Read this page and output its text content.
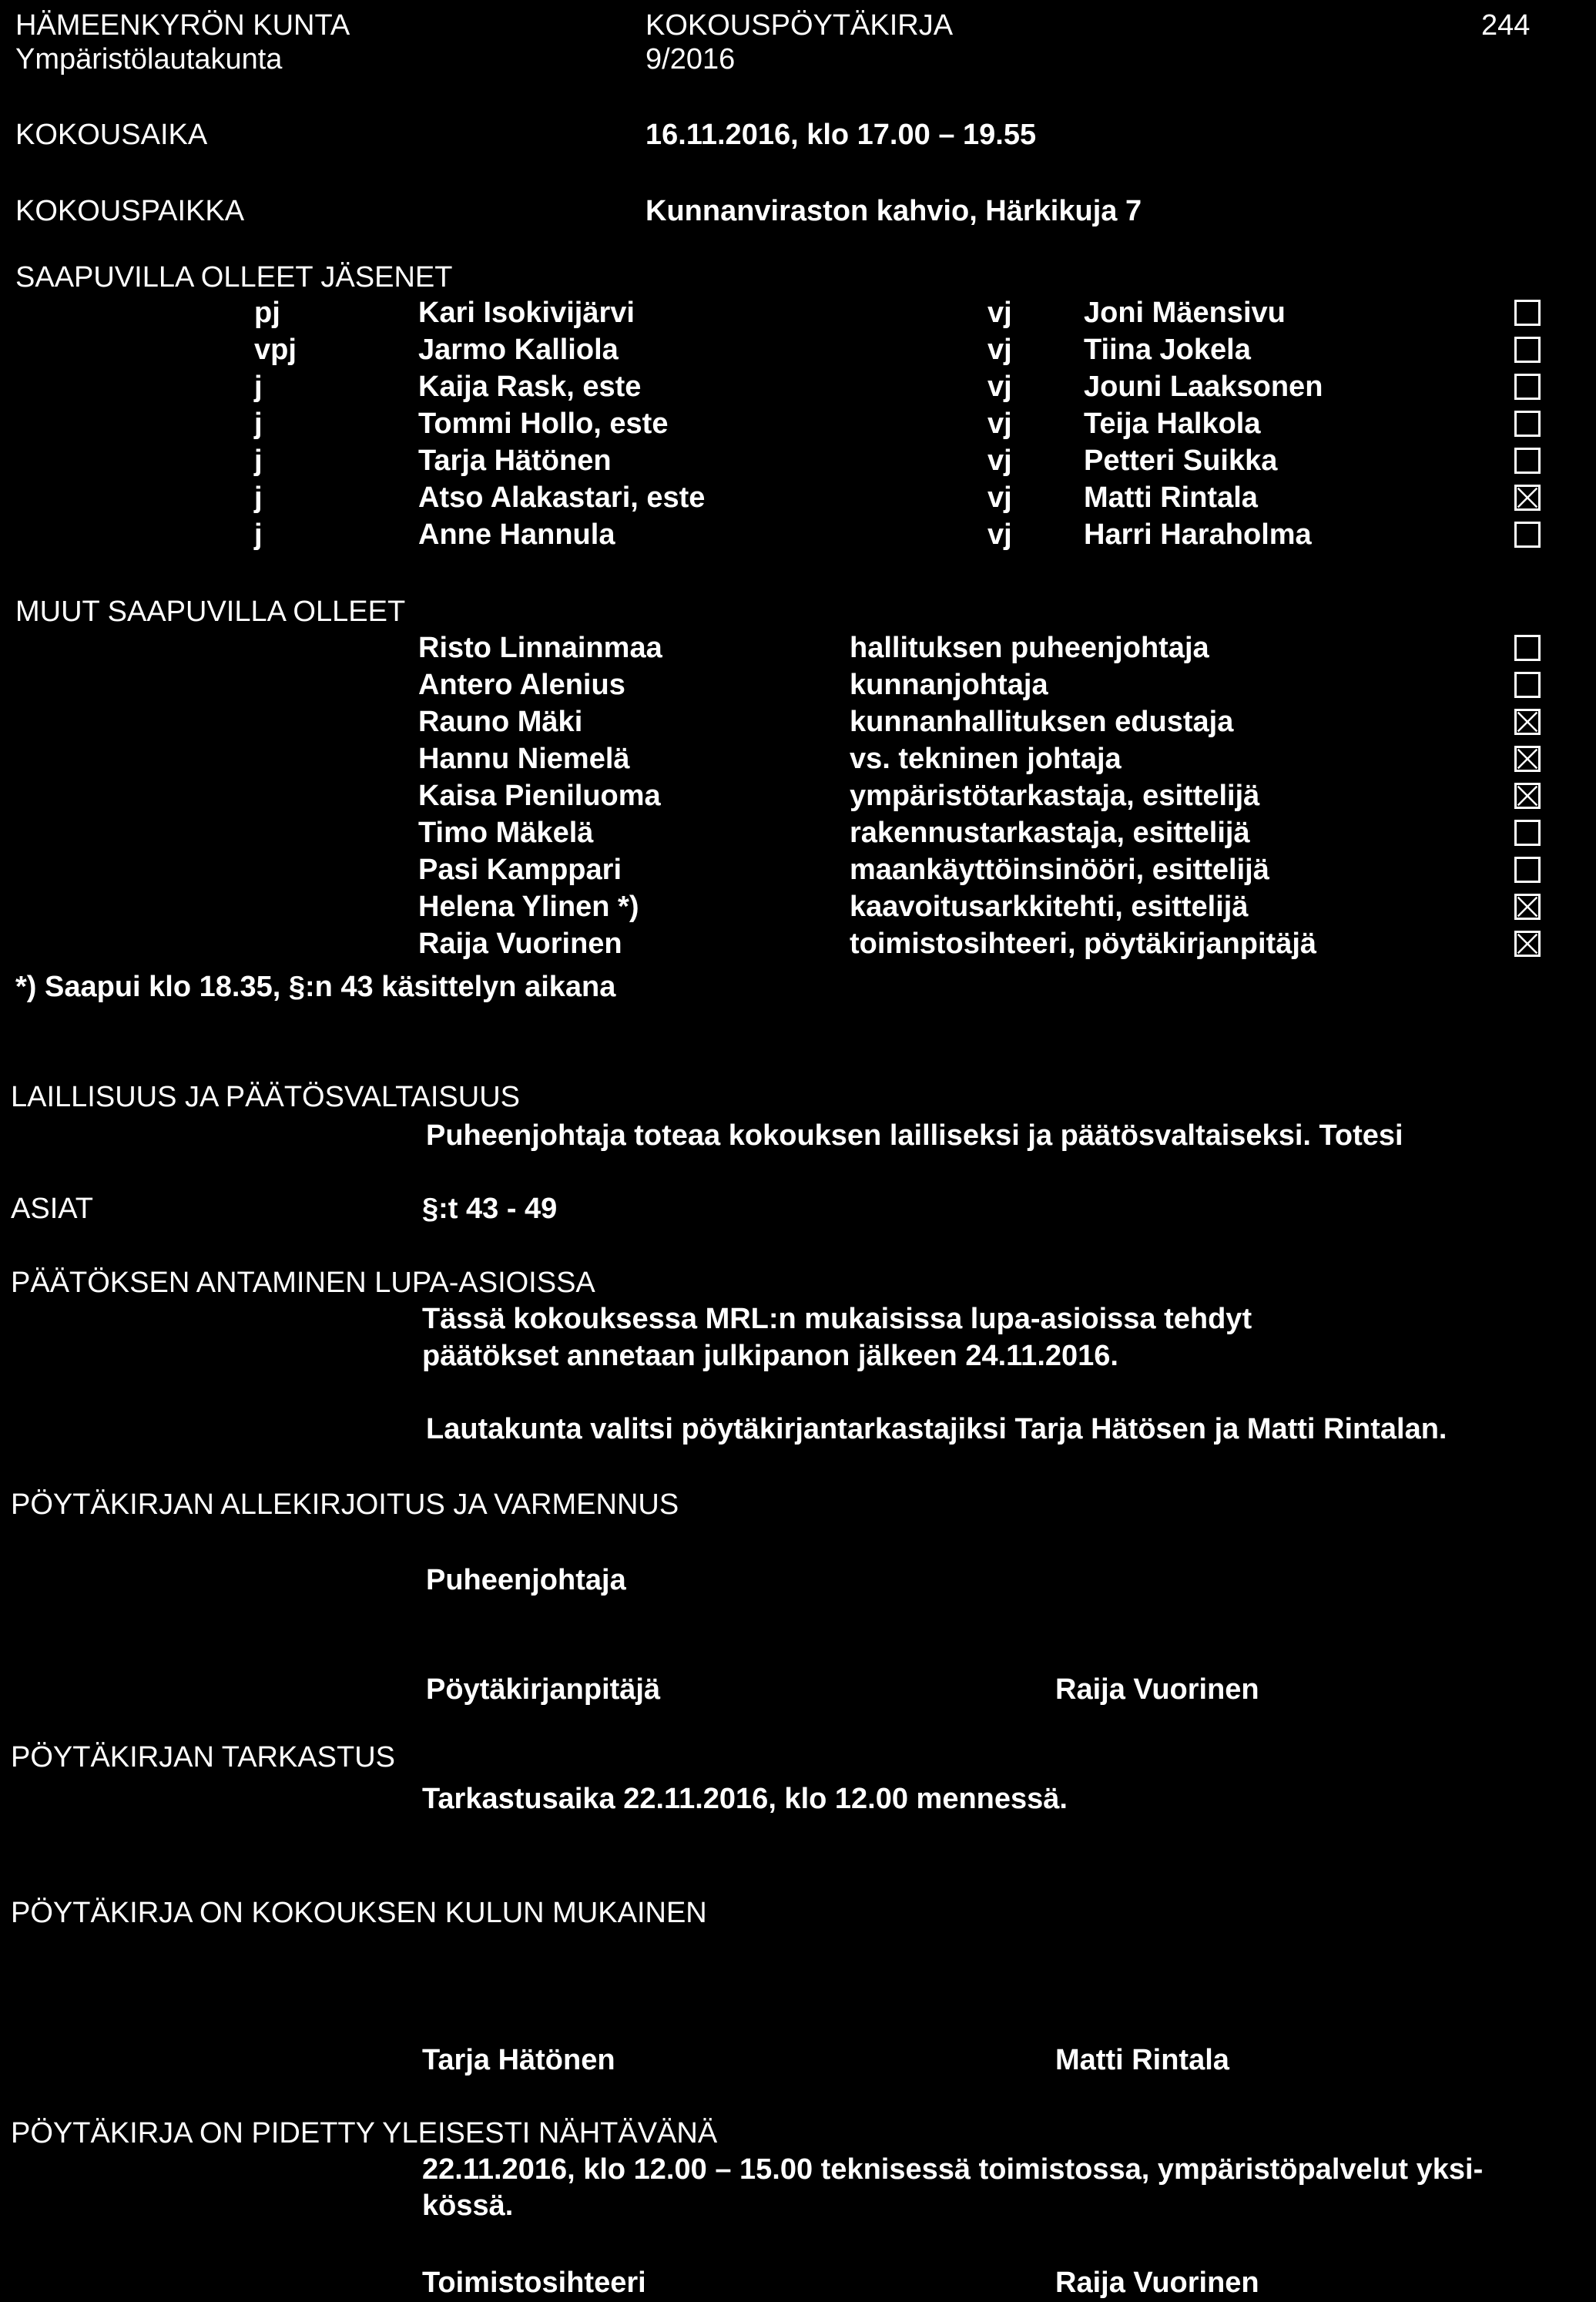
HÄMEENKYRÖN KUNTA
Ympäristölautakunta
KOKOUSPÖYTÄKIRJA
9/2016
244
KOKOUSAIKA	16.11.2016, klo 17.00 – 19.55
KOKOUSPAIKKA	Kunnanviraston kahvio, Härkikuja 7
SAAPUVILLA OLLEET JÄSENET
pj	Kari Isokivijärvi	vj Joni Mäensivu
vpj	Jarmo Kalliola	vj Tiina Jokela
j	Kaija Rask, este	vj Jouni Laaksonen
j	Tommi Hollo, este	vj Teija Halkola
j	Tarja Hätönen	vj Petteri Suikka
j	Atso Alakastari, este	vj Matti Rintala
j	Anne Hannula	vj Harri Haraholma
MUUT SAAPUVILLA OLLEET
Risto Linnainmaa	hallituksen puheenjohtaja
Antero Alenius	kunnanjohtaja
Rauno Mäki	kunnanhallituksen edustaja
Hannu Niemelä	vs. tekninen johtaja
Kaisa Pieniluoma	ympäristötarkastaja, esittelijä
Timo Mäkelä	rakennustarkastaja, esittelijä
Pasi Kamppari	maankäyttöinsinööri, esittelijä
Helena Ylinen *)	kaavoitusarkkitehti, esittelijä
Raija Vuorinen	toimistosihteeri, pöytäkirjanpitäjä
*) Saapui klo 18.35, §:n 43 käsittelyn aikana
LAILLISUUS JA PÄÄTÖSVALTAISUUS
Puheenjohtaja toteaa kokouksen lailliseksi ja päätösvaltaiseksi. Totesi
ASIAT	§:t 43 - 49
PÄÄTÖKSEN ANTAMINEN LUPA-ASIOISSA
Tässä kokouksessa MRL:n mukaisissa lupa-asioissa tehdyt
päätökset annetaan julkipanon jälkeen 24.11.2016.
Lautakunta valitsi pöytäkirjantarkastajiksi Tarja Hätösen ja Matti Rintalan.
PÖYTÄKIRJAN ALLEKIRJOITUS JA VARMENNUS
Puheenjohtaja
Pöytäkirjanpitäjä	Raija Vuorinen
PÖYTÄKIRJAN TARKASTUS
Tarkastusaika 22.11.2016, klo 12.00 mennessä.
PÖYTÄKIRJA ON KOKOUKSEN KULUN MUKAINEN
Tarja Hätönen	Matti Rintala
PÖYTÄKIRJA ON PIDETTY YLEISESTI NÄHTÄVÄNÄ
22.11.2016, klo 12.00 – 15.00 teknisessä toimistossa, ympäristöpalvelut yksi-
kössä.
Toimistosihteeri	Raija Vuorinen
